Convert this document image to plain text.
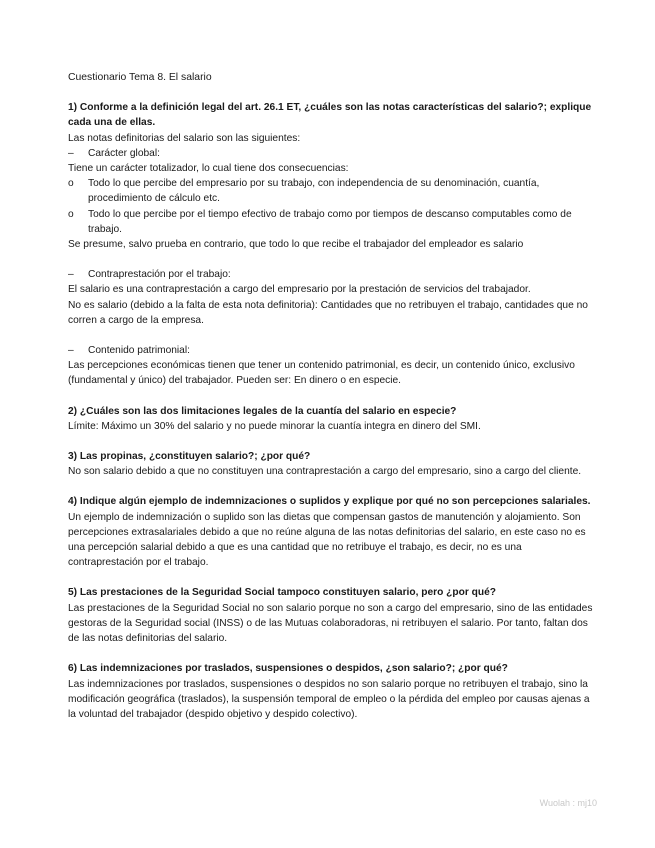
Cuestionario Tema 8. El salario

1) Conforme a la definición legal del art. 26.1 ET, ¿cuáles son las notas características del salario?; explique cada una de ellas.

Las notas definitorias del salario son las siguientes:

– Carácter global:

Tiene un carácter totalizador, lo cual tiene dos consecuencias:

o Todo lo que percibe del empresario por su trabajo, con independencia de su denominación, cuantía, procedimiento de cálculo etc.
o Todo lo que percibe por el tiempo efectivo de trabajo como por tiempos de descanso computables como de trabajo.

Se presume, salvo prueba en contrario, que todo lo que recibe el trabajador del empleador es salario

– Contraprestación por el trabajo:

El salario es una contraprestación a cargo del empresario por la prestación de servicios del trabajador.

No es salario (debido a la falta de esta nota definitoria): Cantidades que no retribuyen el trabajo, cantidades que no corren a cargo de la empresa.

– Contenido patrimonial:

Las percepciones económicas tienen que tener un contenido patrimonial, es decir, un contenido único, exclusivo (fundamental y único) del trabajador. Pueden ser: En dinero o en especie.

2) ¿Cuáles son las dos limitaciones legales de la cuantía del salario en especie?

Límite: Máximo un 30% del salario y no puede minorar la cuantía integra en dinero del SMI.

3) Las propinas, ¿constituyen salario?; ¿por qué?

No son salario debido a que no constituyen una contraprestación a cargo del empresario, sino a cargo del cliente.

4) Indique algún ejemplo de indemnizaciones o suplidos y explique por qué no son percepciones salariales.

Un ejemplo de indemnización o suplido son las dietas que compensan gastos de manutención y alojamiento. Son percepciones extrasalariales debido a que no reúne alguna de las notas definitorias del salario, en este caso no es una percepción salarial debido a que es una cantidad que no retribuye el trabajo, es decir, no es una contraprestación por el trabajo.

5) Las prestaciones de la Seguridad Social tampoco constituyen salario, pero ¿por qué?

Las prestaciones de la Seguridad Social no son salario porque no son a cargo del empresario, sino de las entidades gestoras de la Seguridad social (INSS) o de las Mutuas colaboradoras, ni retribuyen el salario. Por tanto, faltan dos de las notas definitorias del salario.

6) Las indemnizaciones por traslados, suspensiones o despidos, ¿son salario?; ¿por qué?

Las indemnizaciones por traslados, suspensiones o despidos no son salario porque no retribuyen el trabajo, sino la modificación geográfica (traslados), la suspensión temporal de empleo o la pérdida del empleo por causas ajenas a la voluntad del trabajador (despido objetivo y despido colectivo).

Wuolah : mj10
